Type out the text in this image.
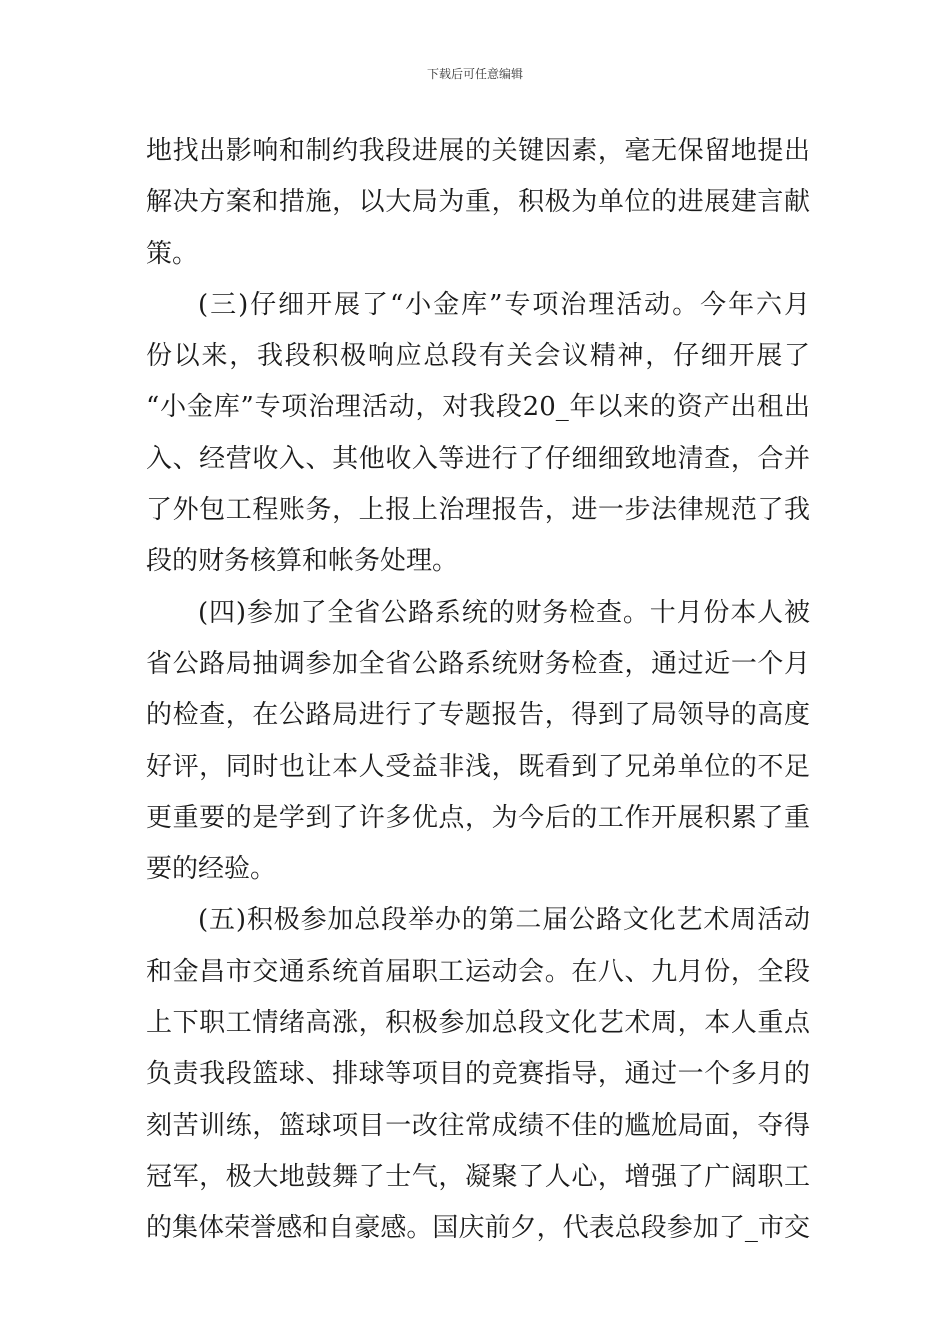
下载后可任意编辑
地找出影响和制约我段进展的关键因素，毫无保留地提出
解决方案和措施，以大局为重，积极为单位的进展建言献
策。
(三)仔细开展了“小金库”专项治理活动。今年六月
份以来，我段积极响应总段有关会议精神，仔细开展了
“小金库”专项治理活动，对我段20_年以来的资产出租出
入、经营收入、其他收入等进行了仔细细致地清查，合并
了外包工程账务，上报上治理报告，进一步法律规范了我
段的财务核算和帐务处理。
(四)参加了全省公路系统的财务检查。十月份本人被
省公路局抽调参加全省公路系统财务检查，通过近一个月
的检查，在公路局进行了专题报告，得到了局领导的高度
好评，同时也让本人受益非浅，既看到了兄弟单位的不足
更重要的是学到了许多优点，为今后的工作开展积累了重
要的经验。
(五)积极参加总段举办的第二届公路文化艺术周活动
和金昌市交通系统首届职工运动会。在八、九月份，全段
上下职工情绪高涨，积极参加总段文化艺术周，本人重点
负责我段篮球、排球等项目的竞赛指导，通过一个多月的
刻苦训练，篮球项目一改往常成绩不佳的尴尬局面，夺得
冠军，极大地鼓舞了士气，凝聚了人心，增强了广阔职工
的集体荣誉感和自豪感。国庆前夕，代表总段参加了_市交
